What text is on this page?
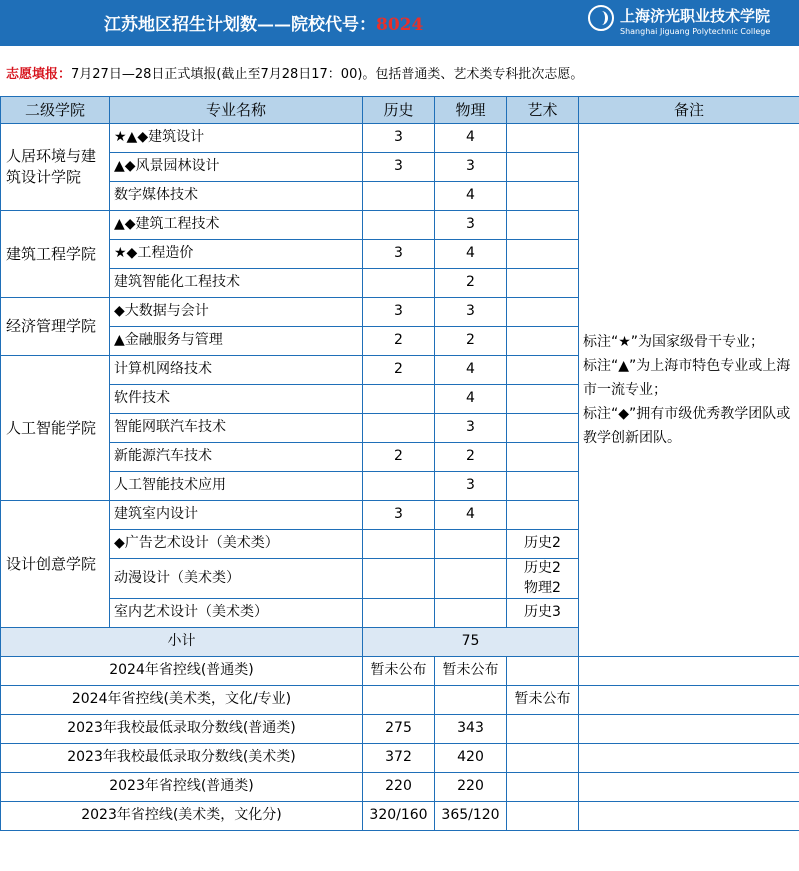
江苏地区招生计划数——院校代号：8024	上海济光职业技术学院
Shanghai Jiguang Polytechnic College
志愿填报：7月27日—28日正式填报(截止至7月28日17：00)。包括普通类、艺术类专科批次志愿。
二级学院	专业名称	历史	物理	艺术	备注
人居环境与建筑设计学院	★▲◆建筑设计	3	4		标注“★”为国家级骨干专业；
标注“▲”为上海市特色专业或上海市一流专业；
标注“◆”拥有市级优秀教学团队或教学创新团队。

	▲◆风景园林设计	3	3		
	数字媒体技术		4		
建筑工程学院	▲◆建筑工程技术		3		
	★◆工程造价	3	4		
	建筑智能化工程技术		2		
经济管理学院	◆大数据与会计	3	3		
	▲金融服务与管理	2	2		
人工智能学院	计算机网络技术	2	4		
	软件技术		4		
	智能网联汽车技术		3		
	新能源汽车技术	2	2		
	人工智能技术应用		3		
设计创意学院	建筑室内设计	3	4		
	◆广告艺术设计（美术类）			历史2	
	动漫设计（美术类）			历史2
物理2	

	室内艺术设计（美术类）			历史3	
小计		75			
2024年省控线(普通类)		暂未公布	暂未公布		
2024年省控线(美术类，文化/专业)				暂未公布	
2023年我校最低录取分数线(普通类)		275	343		
2023年我校最低录取分数线(美术类)		372	420		
2023年省控线(普通类)		220	220		
2023年省控线(美术类，文化分)		320/160	365/120		
